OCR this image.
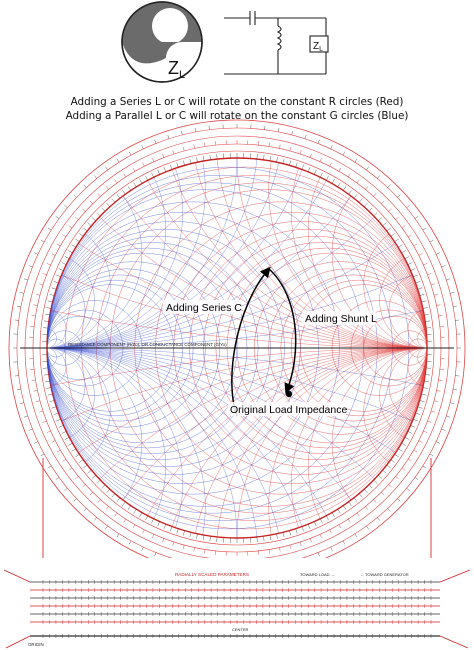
$Z_L$
$Z_L$
Adding a Series L or C will rotate on the constant R circles (Red)
Adding a Parallel L or C will rotate on the constant G circles (Blue)
RESISTANCE COMPONENT (R/Zo), OR CONDUCTANCE COMPONENT (G/Yo)
Adding Series C
Adding Shunt L
Original Load Impedance
RADIALLY SCALED PARAMETERS	TOWARD LOAD →	← TOWARD GENERATOR
CENTER
ORIGIN
